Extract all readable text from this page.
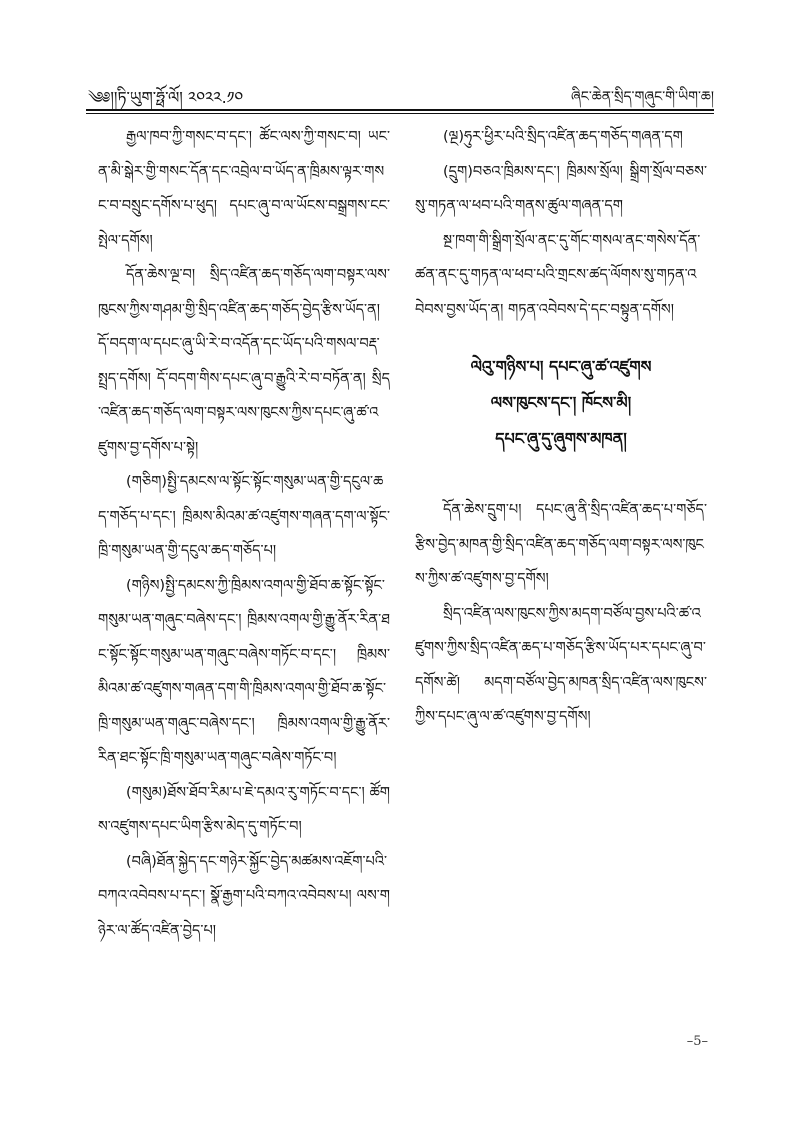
༄༅།།ཏི་ཡུག་ཧྥོ་ལོ། ༢༠༢༢.༡༠	ཞིང་ཆེན་སྲིད་གཞུང་གི་ཡིག་ཆ།

རྒྱལ་ཁབ་ཀྱི་གསང་བ་དང་། ཚོང་ལས་ཀྱི་གསང་བ། ཡང་ན་མི་སྒེར་གྱི་གསང་དོན་དང་འབྲེལ་བ་ཡོད་ན་ཁྲིམས་ལྟར་གསང་བ་བསྲུང་དགོས་པ་ཕུད། དཔང་ཞུ་བ་ལ་ཡོངས་བསྒྲགས་ངང་སྤེལ་དགོས།

དོན་ཆེས་ལྔ་བ། སྲིད་འཛིན་ཆད་གཅོད་ལག་བསྟར་ལས་ཁུངས་ཀྱིས་གཤམ་གྱི་སྲིད་འཛིན་ཆད་གཅོད་བྱེད་རྩིས་ཡོད་ན། དོ་བདག་ལ་དཔང་ཞུ་ཡི་རེ་བ་འདོན་དང་ཡོད་པའི་གསལ་བརྡ་སྤྲད་དགོས། དོ་བདག་གིས་དཔང་ཞུ་བ་རྒྱུའི་རེ་བ་བཏོན་ན། སྲིད་འཛིན་ཆད་གཅོད་ལག་བསྟར་ལས་ཁུངས་ཀྱིས་དཔང་ཞུ་ཚ་འཛུགས་བྱ་དགོས་པ་སྟེ།

(གཅིག)སྤྱི་དམངས་ལ་སྟོང་སྟོང་གསུམ་ཡན་གྱི་དངུལ་ཆད་གཅོད་པ་དང་། ཁྲིམས་མིའམ་ཚ་འཛུགས་གཞན་དག་ལ་སྟོང་ཁྲི་གསུམ་ཡན་གྱི་དངུལ་ཆད་གཅོད་པ།

(གཉིས)སྤྱི་དམངས་ཀྱི་ཁྲིམས་འགལ་གྱི་ཐོབ་ཆ་སྟོང་སྟོང་གསུམ་ཡན་གཞུང་བཞེས་དང་། ཁྲིམས་འགལ་གྱི་རྒྱུ་ནོར་རིན་ཐང་སྟོང་སྟོང་གསུམ་ཡན་གཞུང་བཞེས་གཏོང་བ་དང་། ཁྲིམས་མིའམ་ཚ་འཛུགས་གཞན་དག་གི་ཁྲིམས་འགལ་གྱི་ཐོབ་ཆ་སྟོང་ཁྲི་གསུམ་ཡན་གཞུང་བཞེས་དང་། ཁྲིམས་འགལ་གྱི་རྒྱུ་ནོར་རིན་ཐང་སྟོང་ཁྲི་གསུམ་ཡན་གཞུང་བཞེས་གཏོང་བ།

(གསུམ)ཐོས་ཐོབ་རིམ་པ་ཇེ་དམའ་རུ་གཏོང་བ་དང་། ཚོགས་འཛུགས་དཔང་ཡིག་རྩིས་མེད་དུ་གཏོང་བ།

(བཞི)ཐོན་སྐྱེད་དང་གཉེར་སྐྱོང་བྱེད་མཚམས་འཇོག་པའི་བཀའ་འབེབས་པ་དང་། སྣོ་རྒྱག་པའི་བཀའ་འབེབས་པ། ལས་གཉེར་ལ་ཚོད་འཛིན་བྱེད་པ།

(ལྔ)ཧུར་ཕྱིར་པའི་སྲིད་འཛིན་ཆད་གཅོད་གཞན་དག

(དྲུག)བཅའ་ཁྲིམས་དང་། ཁྲིམས་སྲོལ། སྒྲིག་སྲོལ་བཅས་སུ་གཏན་ལ་ཕབ་པའི་གནས་ཚུལ་གཞན་དག

སྔ་ཁག་གི་སྒྲིག་སྲོལ་ནང་དུ་གོང་གསལ་ནང་གསེས་དོན་ཚན་ནང་དུ་གཏན་ལ་ཕབ་པའི་གྲངས་ཚད་ལོགས་སུ་གཏན་འབེབས་བྱས་ཡོད་ན། གཏན་འབེབས་དེ་དང་བསྟུན་དགོས།

ལེའུ་གཉིས་པ། དཔང་ཞུ་ཚ་འཛུགས
ལས་ཁུངས་དང་། ཁོངས་མི།
དཔང་ཞུ་དུ་ཞུགས་མཁན།

དོན་ཆེས་དྲུག་པ། དཔང་ཞུ་ནི་སྲིད་འཛིན་ཆད་པ་གཅོད་རྩིས་བྱེད་མཁན་གྱི་སྲིད་འཛིན་ཆད་གཅོད་ལག་བསྟར་ལས་ཁུངས་ཀྱིས་ཚ་འཛུགས་བྱ་དགོས།

སྲིད་འཛིན་ལས་ཁུངས་ཀྱིས་མདག་བཙོལ་བྱས་པའི་ཚ་འཛུགས་ཀྱིས་སྲིད་འཛིན་ཆད་པ་གཅོད་རྩིས་ཡོད་པར་དཔང་ཞུ་བ་དགོས་ཚེ། མདག་བཙོལ་བྱེད་མཁན་སྲིད་འཛིན་ལས་ཁུངས་ཀྱིས་དཔང་ཞུ་ལ་ཚ་འཛུགས་བྱ་དགོས།

–5–
